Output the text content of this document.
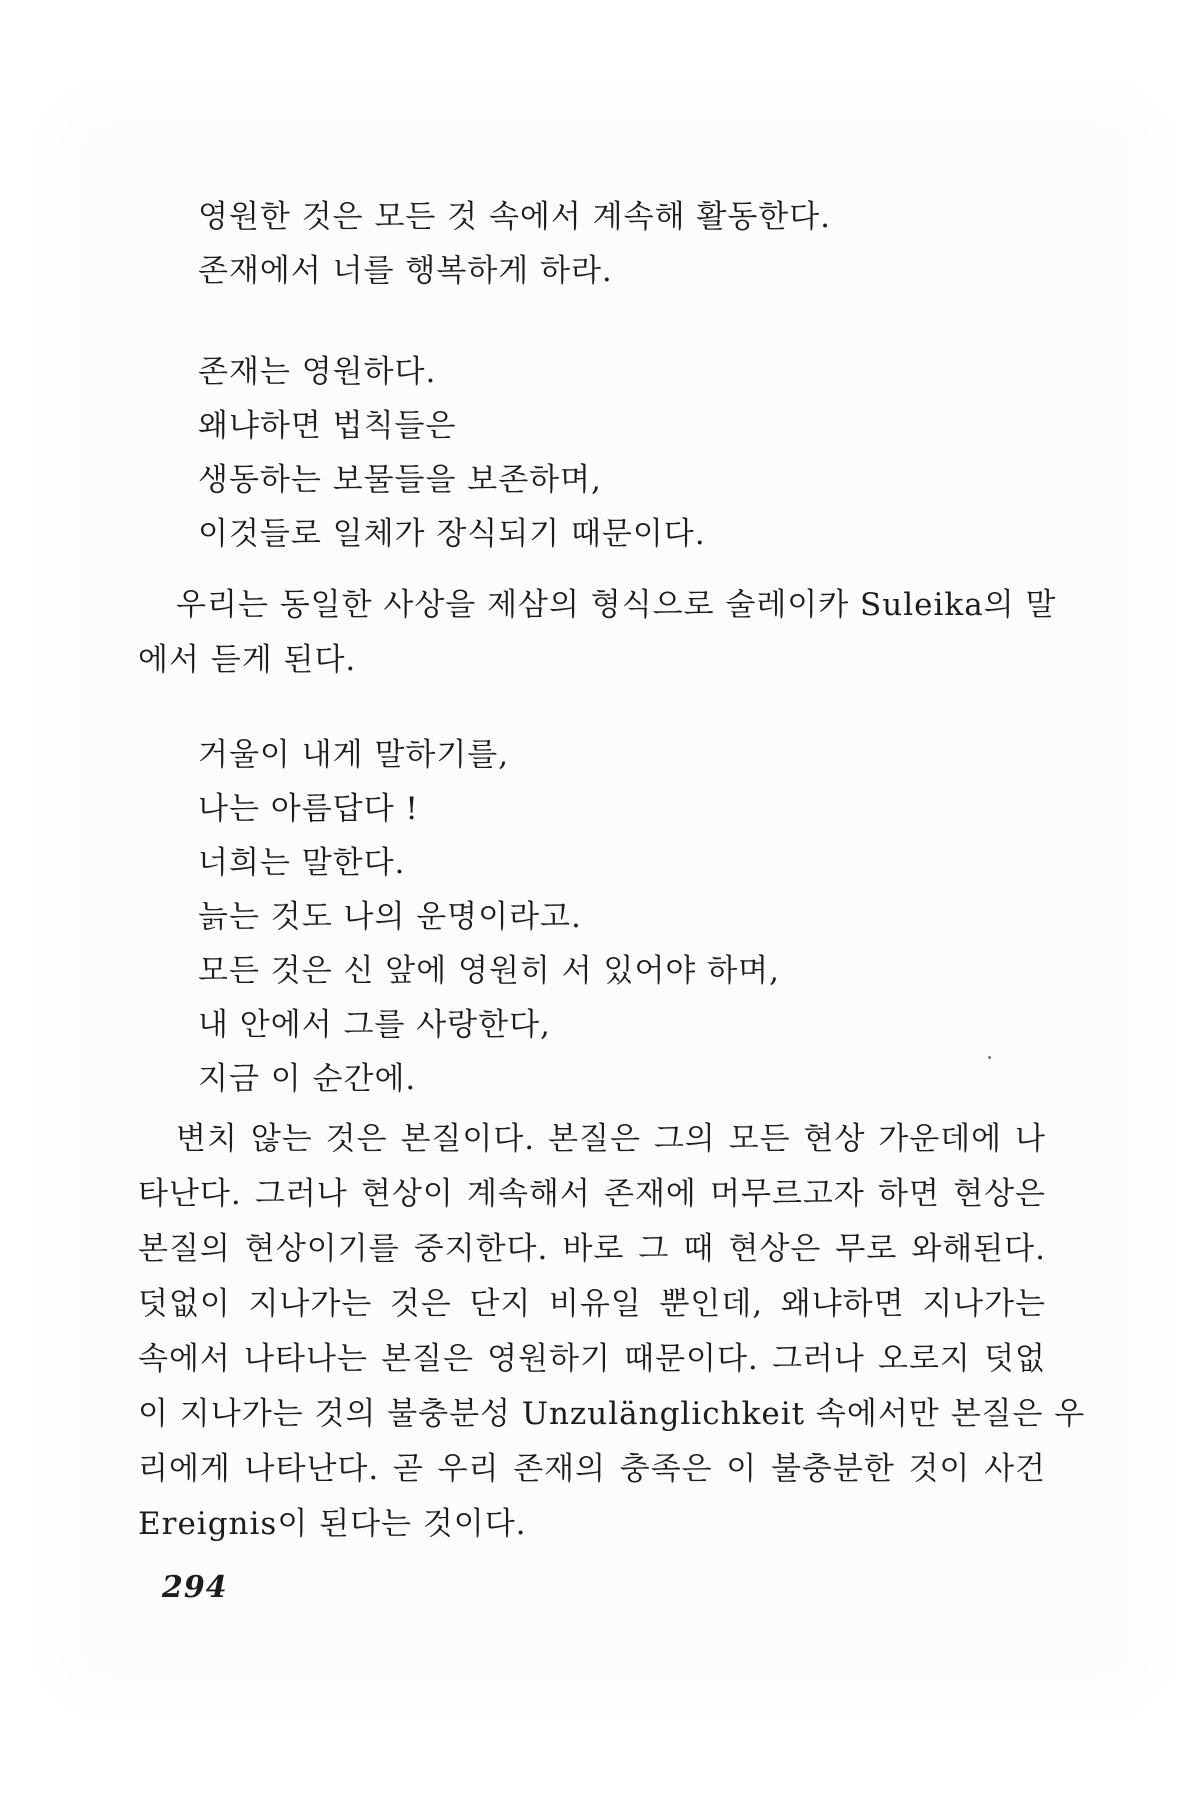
영원한 것은 모든 것 속에서 계속해 활동한다.
존재에서 너를 행복하게 하라.
존재는 영원하다.
왜냐하면 법칙들은
생동하는 보물들을 보존하며,
이것들로 일체가 장식되기 때문이다.
우리는 동일한 사상을 제삼의 형식으로 술레이카 Suleika의 말
에서 듣게 된다.
거울이 내게 말하기를,
나는 아름답다 !
너희는 말한다.
늙는 것도 나의 운명이라고.
모든 것은 신 앞에 영원히 서 있어야 하며,
내 안에서 그를 사랑한다,
지금 이 순간에.
변치 않는 것은 본질이다. 본질은 그의 모든 현상 가운데에 나
타난다. 그러나 현상이 계속해서 존재에 머무르고자 하면 현상은
본질의 현상이기를 중지한다. 바로 그 때 현상은 무로 와해된다.
덧없이 지나가는 것은 단지 비유일 뿐인데, 왜냐하면 지나가는
속에서 나타나는 본질은 영원하기 때문이다. 그러나 오로지 덧없
이 지나가는 것의 불충분성 Unzulänglichkeit 속에서만 본질은 우
리에게 나타난다. 곧 우리 존재의 충족은 이 불충분한 것이 사건
Ereignis이 된다는 것이다.
294
